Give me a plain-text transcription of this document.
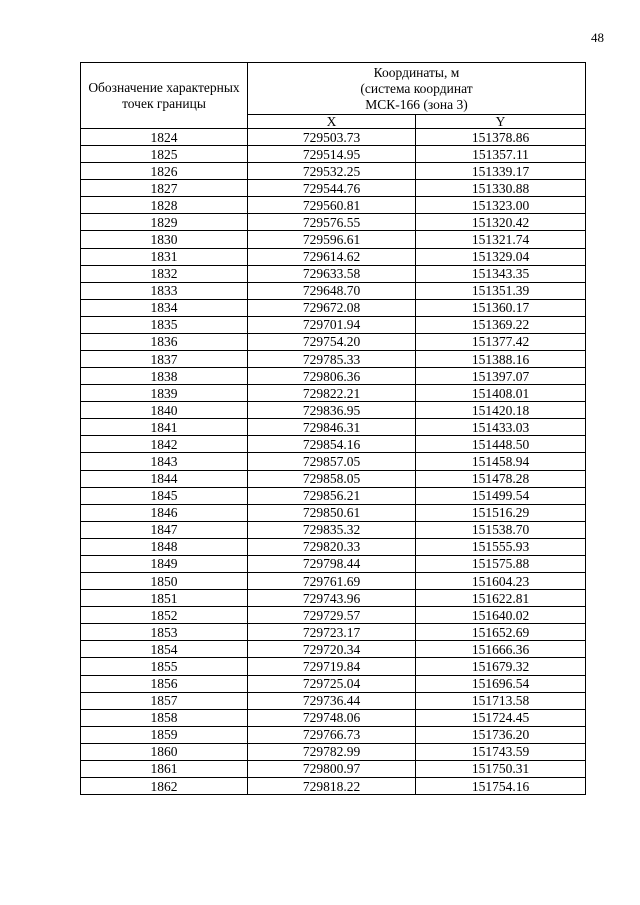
48
Обозначение характерных точек границы	Координаты, м
(система координат
МСК-166 (зона 3)	

	X	Y
1824	729503.73	151378.86
1825	729514.95	151357.11
1826	729532.25	151339.17
1827	729544.76	151330.88
1828	729560.81	151323.00
1829	729576.55	151320.42
1830	729596.61	151321.74
1831	729614.62	151329.04
1832	729633.58	151343.35
1833	729648.70	151351.39
1834	729672.08	151360.17
1835	729701.94	151369.22
1836	729754.20	151377.42
1837	729785.33	151388.16
1838	729806.36	151397.07
1839	729822.21	151408.01
1840	729836.95	151420.18
1841	729846.31	151433.03
1842	729854.16	151448.50
1843	729857.05	151458.94
1844	729858.05	151478.28
1845	729856.21	151499.54
1846	729850.61	151516.29
1847	729835.32	151538.70
1848	729820.33	151555.93
1849	729798.44	151575.88
1850	729761.69	151604.23
1851	729743.96	151622.81
1852	729729.57	151640.02
1853	729723.17	151652.69
1854	729720.34	151666.36
1855	729719.84	151679.32
1856	729725.04	151696.54
1857	729736.44	151713.58
1858	729748.06	151724.45
1859	729766.73	151736.20
1860	729782.99	151743.59
1861	729800.97	151750.31
1862	729818.22	151754.16
